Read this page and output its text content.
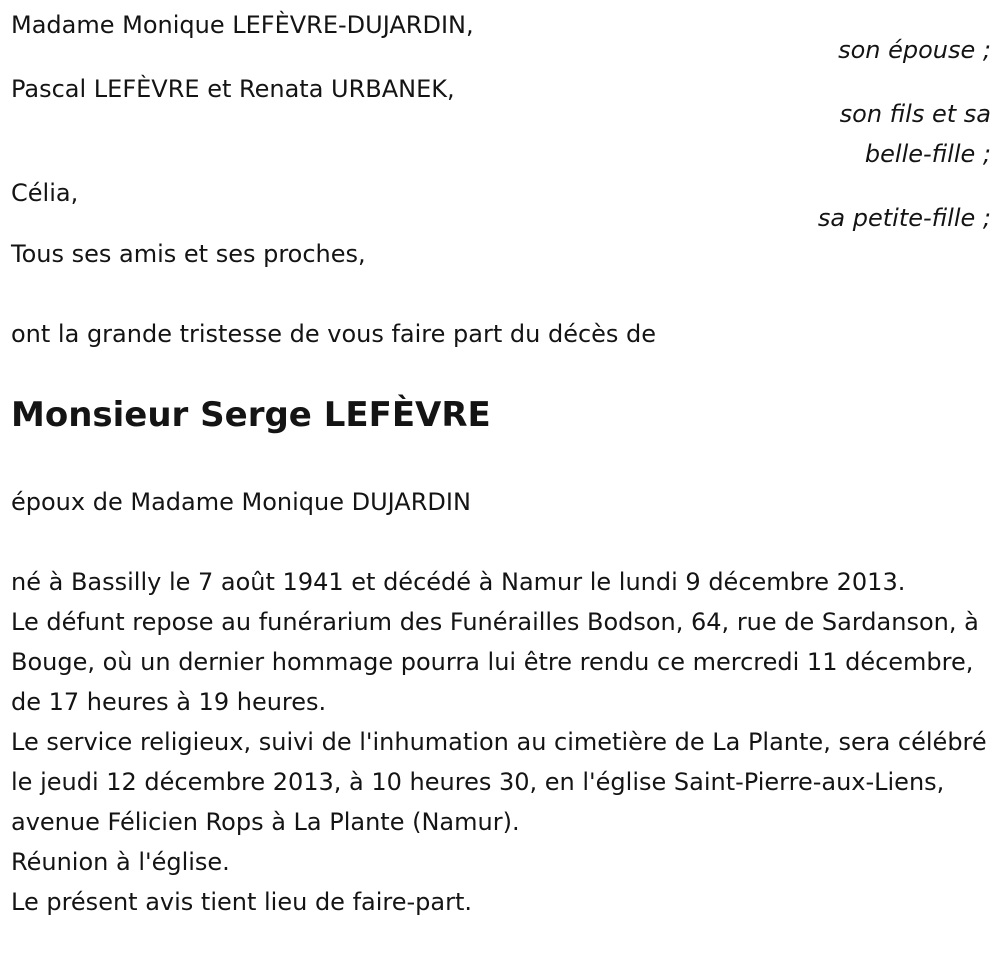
Madame Monique LEFÈVRE-DUJARDIN,
son épouse ;
Pascal LEFÈVRE et Renata URBANEK,
son fils et sa belle-fille ;
Célia,
sa petite-fille ;

Tous ses amis et ses proches,

ont la grande tristesse de vous faire part du décès de

Monsieur Serge LEFÈVRE

époux de Madame Monique DUJARDIN

né à Bassilly le 7 août 1941 et décédé à Namur le lundi 9 décembre 2013.

Le défunt repose au funérarium des Funérailles Bodson, 64, rue de Sardanson, à Bouge, où un dernier hommage pourra lui être rendu ce mercredi 11 décembre, de 17 heures à 19 heures.

Le service religieux, suivi de l'inhumation au cimetière de La Plante, sera célébré le jeudi 12 décembre 2013, à 10 heures 30, en l'église Saint-Pierre-aux-Liens, avenue Félicien Rops à La Plante (Namur).

Réunion à l'église.

Le présent avis tient lieu de faire-part.
